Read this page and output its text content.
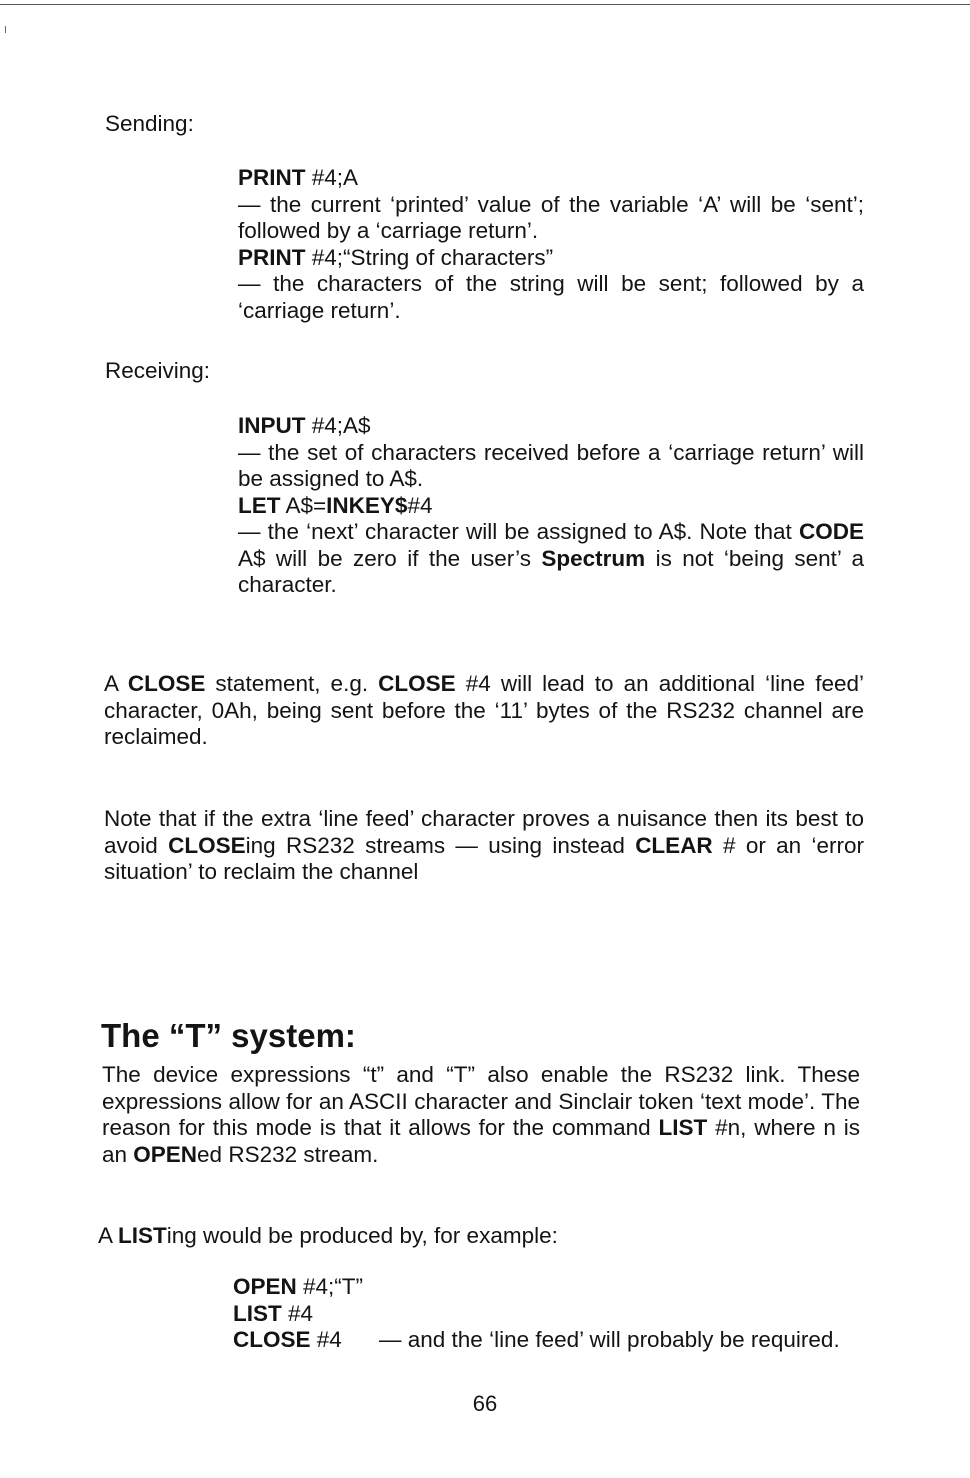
Sending:

PRINT #4;A
— the current ‘printed’ value of the variable ‘A’ will be ‘sent’; followed by a ‘carriage return’.
PRINT #4;“String of characters”
— the characters of the string will be sent; followed by a ‘carriage return’.

Receiving:

INPUT #4;A$
— the set of characters received before a ‘carriage return’ will be assigned to A$.
LET A$=INKEY$#4
— the ‘next’ character will be assigned to A$. Note that CODE A$ will be zero if the user’s Spectrum is not ‘being sent’ a character.

A CLOSE statement, e.g. CLOSE #4 will lead to an additional ‘line feed’ character, 0Ah, being sent before the ‘11’ bytes of the RS232 channel are reclaimed.

Note that if the extra ‘line feed’ character proves a nuisance then its best to avoid CLOSEing RS232 streams — using instead CLEAR # or an ‘error situation’ to reclaim the channel

The “T” system:

The device expressions “t” and “T” also enable the RS232 link. These expressions allow for an ASCII character and Sinclair token ‘text mode’. The reason for this mode is that it allows for the command LIST #n, where n is an OPENed RS232 stream.

A LISTing would be produced by, for example:

OPEN #4;“T”
LIST #4
CLOSE #4	— and the ‘line feed’ will probably be required.
66
